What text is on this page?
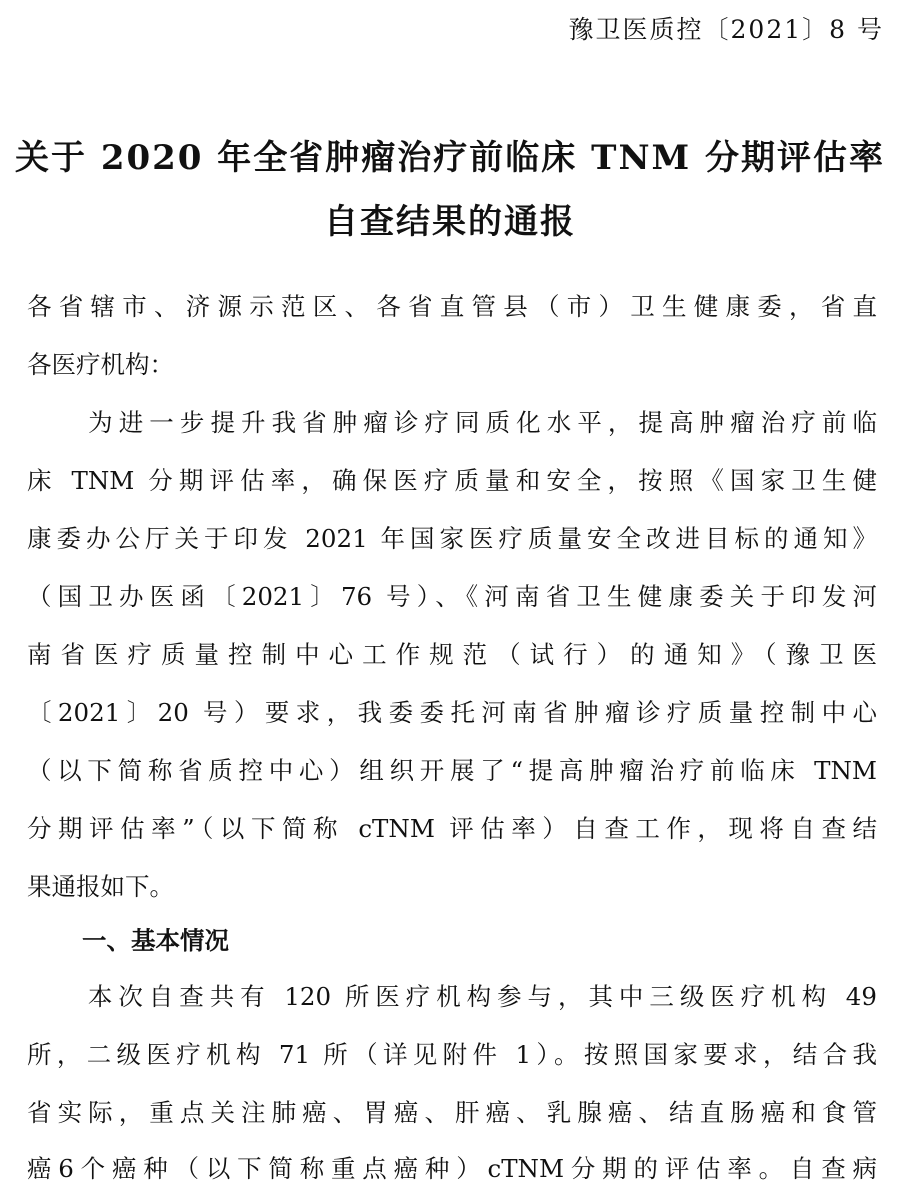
豫卫医质控〔2021〕8 号
关于 2020 年全省肿瘤治疗前临床 TNM 分期评估率
自查结果的通报
各省辖市、济源示范区、各省直管县（市）卫生健康委，省直
各医疗机构：
　　为进一步提升我省肿瘤诊疗同质化水平，提高肿瘤治疗前临
床 TNM 分期评估率，确保医疗质量和安全，按照《国家卫生健
康委办公厅关于印发 2021 年国家医疗质量安全改进目标的通知》
（国卫办医函〔2021〕76 号）、《河南省卫生健康委关于印发河
南省医疗质量控制中心工作规范（试行）的通知》（豫卫医
〔2021〕20 号）要求，我委委托河南省肿瘤诊疗质量控制中心
（以下简称省质控中心）组织开展了“提高肿瘤治疗前临床 TNM
分期评估率”（以下简称 cTNM 评估率）自查工作，现将自查结
果通报如下。
一、基本情况
　　本次自查共有 120 所医疗机构参与，其中三级医疗机构 49
所，二级医疗机构 71 所（详见附件 1）。按照国家要求，结合我
省实际，重点关注肺癌、胃癌、肝癌、乳腺癌、结直肠癌和食管
癌6个癌种（以下简称重点癌种）cTNM分期的评估率。自查病
